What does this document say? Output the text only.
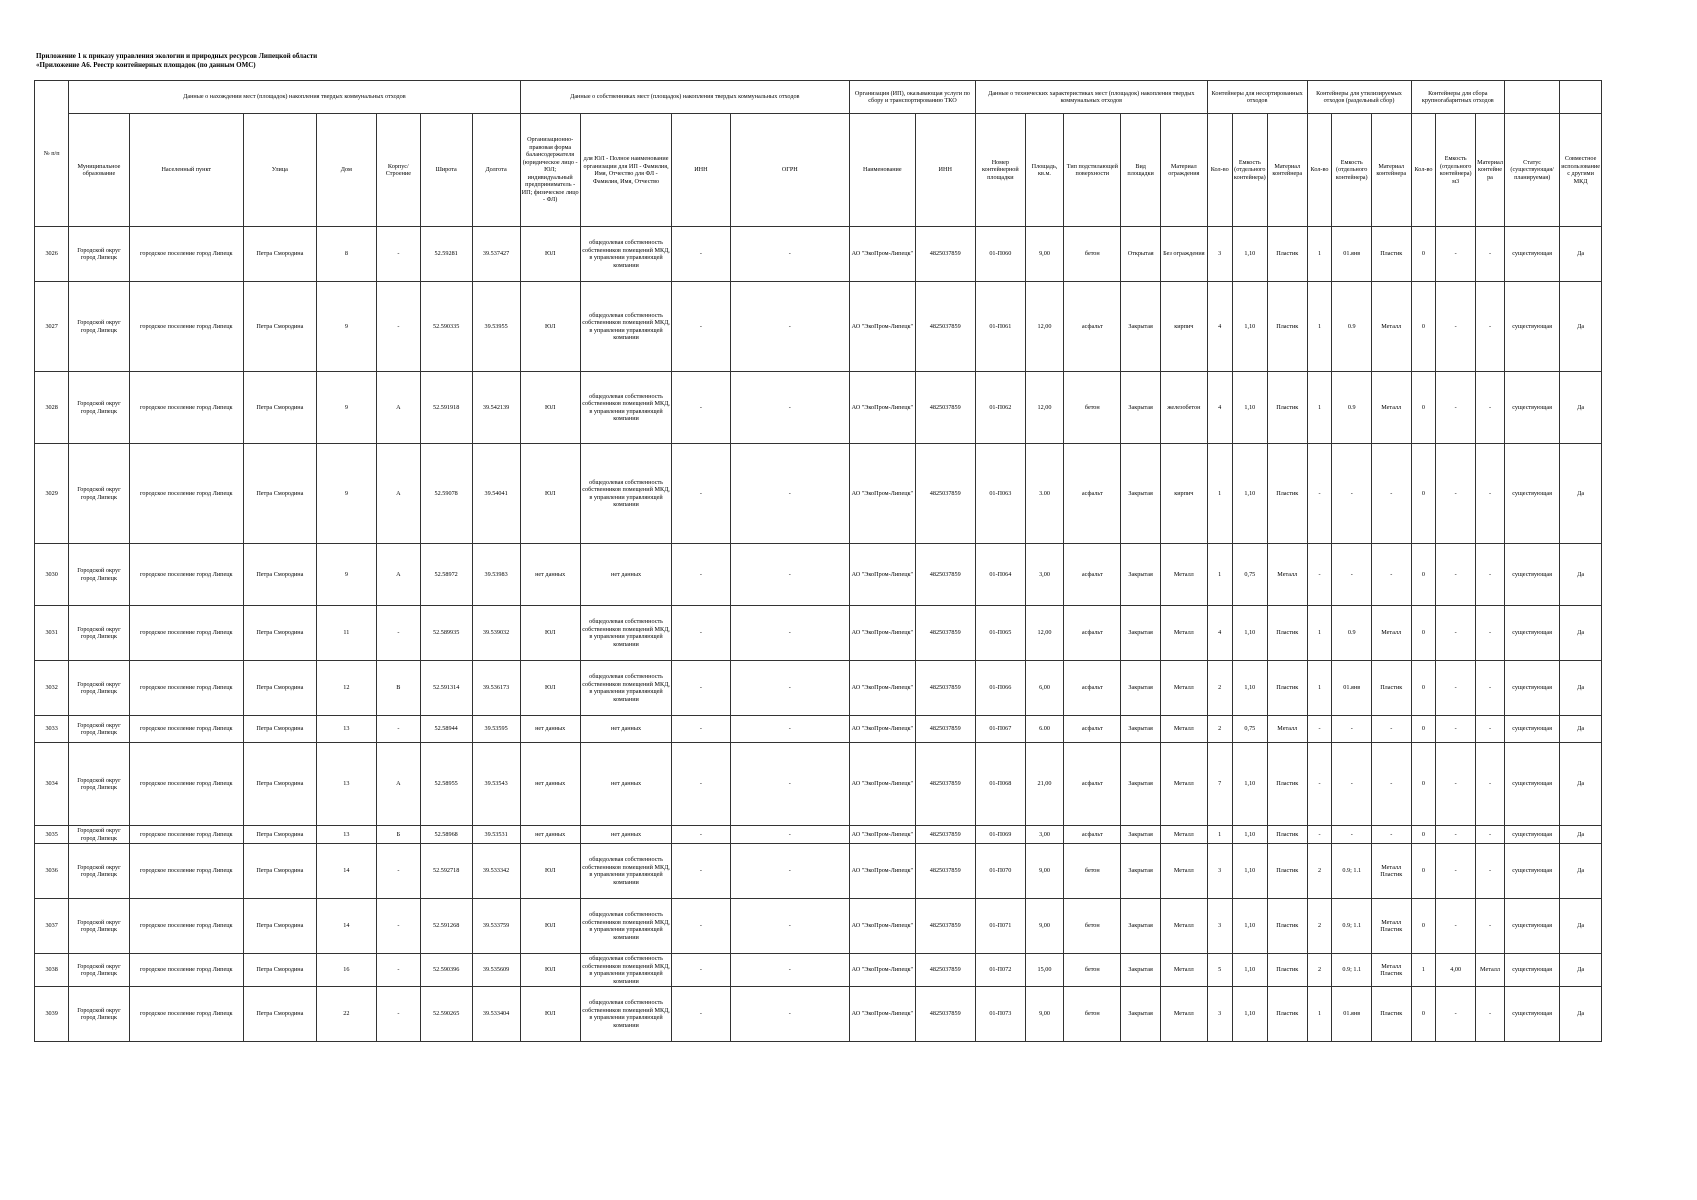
Приложение 1 к приказу управления экологии и природных ресурсов Липецкой области
«Приложение А6. Реестр контейнерных площадок (по данным ОМС)
№ п/п	Данные о нахождении мест (площадок) накопления твердых коммунальных отходов							Данные о собственниках мест (площадок) накопления твердых коммунальных отходов				Организация (ИП), оказывающая услуги по сбору и транспортированию ТКО		Данные о технических характеристиках мест (площадок) накопления твердых коммунальных отходов					Контейнеры для несортированных отходов			Контейнеры для утилизируемых отходов (раздельный сбор)			Контейнеры для сбора крупногабаритных отходов				
	Муниципальное образование	Населенный пункт	Улица	Дом	Корпус/Строение	Широта	Долгота	Организационно-правовая форма балансодержателя (юридическое лицо - ЮЛ; индивидуальный предприниматель - ИП; физическое лицо - ФЛ)	для ЮЛ - Полное наименование организации для ИП - Фамилия, Имя, Отчество для ФЛ - Фамилия, Имя, Отчество	ИНН	ОГРН	Наименование	ИНН	Номер контейнерной площадки	Площадь, кв.м.	Тип подстилающей поверхности	Вид площадки	Материал ограждения	Кол-во	Емкость (отдельного контейнера)	Материал контейнера	Кол-во	Емкость (отдельного контейнера)	Материал контейнера	Кол-во	Емкость (отдельного контейнера) м3	Материал контейнера	Статус (существующая/планируемая)	Совместное использование с другими МКД
3026	Городской округ город Липецк	городское поселение город Липецк	Петра Смородина	8	-	52.59281	39.537427	ЮЛ	общедолевая собственность собственников помещений МКД, в управлении управляющей компании	-	-	АО "ЭкоПром-Липецк"	4825037859	01-П060	9,00	бетон	Открытая	Без ограждения	3	1,10	Пластик	1	01.янв	Пластик	0	-	-	существующая	Да
3027	Городской округ город Липецк	городское поселение город Липецк	Петра Смородина	9	-	52.590335	39.53955	ЮЛ	общедолевая собственность собственников помещений МКД, в управлении управляющей компании	-	-	АО "ЭкоПром-Липецк"	4825037859	01-П061	12,00	асфальт	Закрытая	кирпич	4	1,10	Пластик	1	0.9	Металл	0	-	-	существующая	Да
3028	Городской округ город Липецк	городское поселение город Липецк	Петра Смородина	9	А	52.591918	39.542139	ЮЛ	общедолевая собственность собственников помещений МКД, в управлении управляющей компании	-	-	АО "ЭкоПром-Липецк"	4825037859	01-П062	12,00	бетон	Закрытая	железобетон	4	1,10	Пластик	1	0.9	Металл	0	-	-	существующая	Да
3029	Городской округ город Липецк	городское поселение город Липецк	Петра Смородина	9	А	52.59078	39.54041	ЮЛ	общедолевая собственность собственников помещений МКД, в управлении управляющей компании	-	-	АО "ЭкоПром-Липецк"	4825037859	01-П063	3.00	асфальт	Закрытая	кирпич	1	1,10	Пластик	-	-	-	0	-	-	существующая	Да
3030	Городской округ город Липецк	городское поселение город Липецк	Петра Смородина	9	А	52.58972	39.53983	нет данных	нет данных	-	-	АО "ЭкоПром-Липецк"	4825037859	01-П064	3,00	асфальт	Закрытая	Металл	1	0,75	Металл	-	-	-	0	-	-	существующая	Да
3031	Городской округ город Липецк	городское поселение город Липецк	Петра Смородина	11	-	52.589935	39.539032	ЮЛ	общедолевая собственность собственников помещений МКД, в управлении управляющей компании	-	-	АО "ЭкоПром-Липецк"	4825037859	01-П065	12,00	асфальт	Закрытая	Металл	4	1,10	Пластик	1	0.9	Металл	0	-	-	существующая	Да
3032	Городской округ город Липецк	городское поселение город Липецк	Петра Смородина	12	В	52.591314	39.536173	ЮЛ	общедолевая собственность собственников помещений МКД, в управлении управляющей компании	-	-	АО "ЭкоПром-Липецк"	4825037859	01-П066	6,00	асфальт	Закрытая	Металл	2	1,10	Пластик	1	01.янв	Пластик	0	-	-	существующая	Да
3033	Городской округ город Липецк	городское поселение город Липецк	Петра Смородина	13	-	52.58944	39.53595	нет данных	нет данных	-	-	АО "ЭкоПром-Липецк"	4825037859	01-П067	6.00	асфальт	Закрытая	Металл	2	0,75	Металл	-	-	-	0	-	-	существующая	Да
3034	Городской округ город Липецк	городское поселение город Липецк	Петра Смородина	13	А	52.58955	39.53543	нет данных	нет данных	-	-	АО "ЭкоПром-Липецк"	4825037859	01-П068	21,00	асфальт	Закрытая	Металл	7	1,10	Пластик	-	-	-	0	-	-	существующая	Да
3035	Городской округ город Липецк	городское поселение город Липецк	Петра Смородина	13	Б	52.58968	39.53531	нет данных	нет данных	-	-	АО "ЭкоПром-Липецк"	4825037859	01-П069	3,00	асфальт	Закрытая	Металл	1	1,10	Пластик	-	-	-	0	-	-	существующая	Да
3036	Городской округ город Липецк	городское поселение город Липецк	Петра Смородина	14	-	52.592718	39.533342	ЮЛ	общедолевая собственность собственников помещений МКД, в управлении управляющей компании	-	-	АО "ЭкоПром-Липецк"	4825037859	01-П070	9,00	бетон	Закрытая	Металл	3	1,10	Пластик	2	0.9; 1.1	Металл Пластик	0	-	-	существующая	Да
3037	Городской округ город Липецк	городское поселение город Липецк	Петра Смородина	14	-	52.591268	39.533759	ЮЛ	общедолевая собственность собственников помещений МКД, в управлении управляющей компании	-	-	АО "ЭкоПром-Липецк"	4825037859	01-П071	9,00	бетон	Закрытая	Металл	3	1,10	Пластик	2	0.9; 1.1	Металл Пластик	0	-	-	существующая	Да
3038	Городской округ город Липецк	городское поселение город Липецк	Петра Смородина	16	-	52.590396	39.535609	ЮЛ	общедолевая собственность собственников помещений МКД, в управлении управляющей компании	-	-	АО "ЭкоПром-Липецк"	4825037859	01-П072	15,00	бетон	Закрытая	Металл	5	1,10	Пластик	2	0.9; 1.1	Металл Пластик	1	4,00	Металл	существующая	Да
3039	Городской округ город Липецк	городское поселение город Липецк	Петра Смородина	22	-	52.590265	39.533404	ЮЛ	общедолевая собственность собственников помещений МКД, в управлении управляющей компании	-	-	АО "ЭкоПром-Липецк"	4825037859	01-П073	9,00	бетон	Закрытая	Металл	3	1,10	Пластик	1	01.янв	Пластик	0	-	-	существующая	Да
